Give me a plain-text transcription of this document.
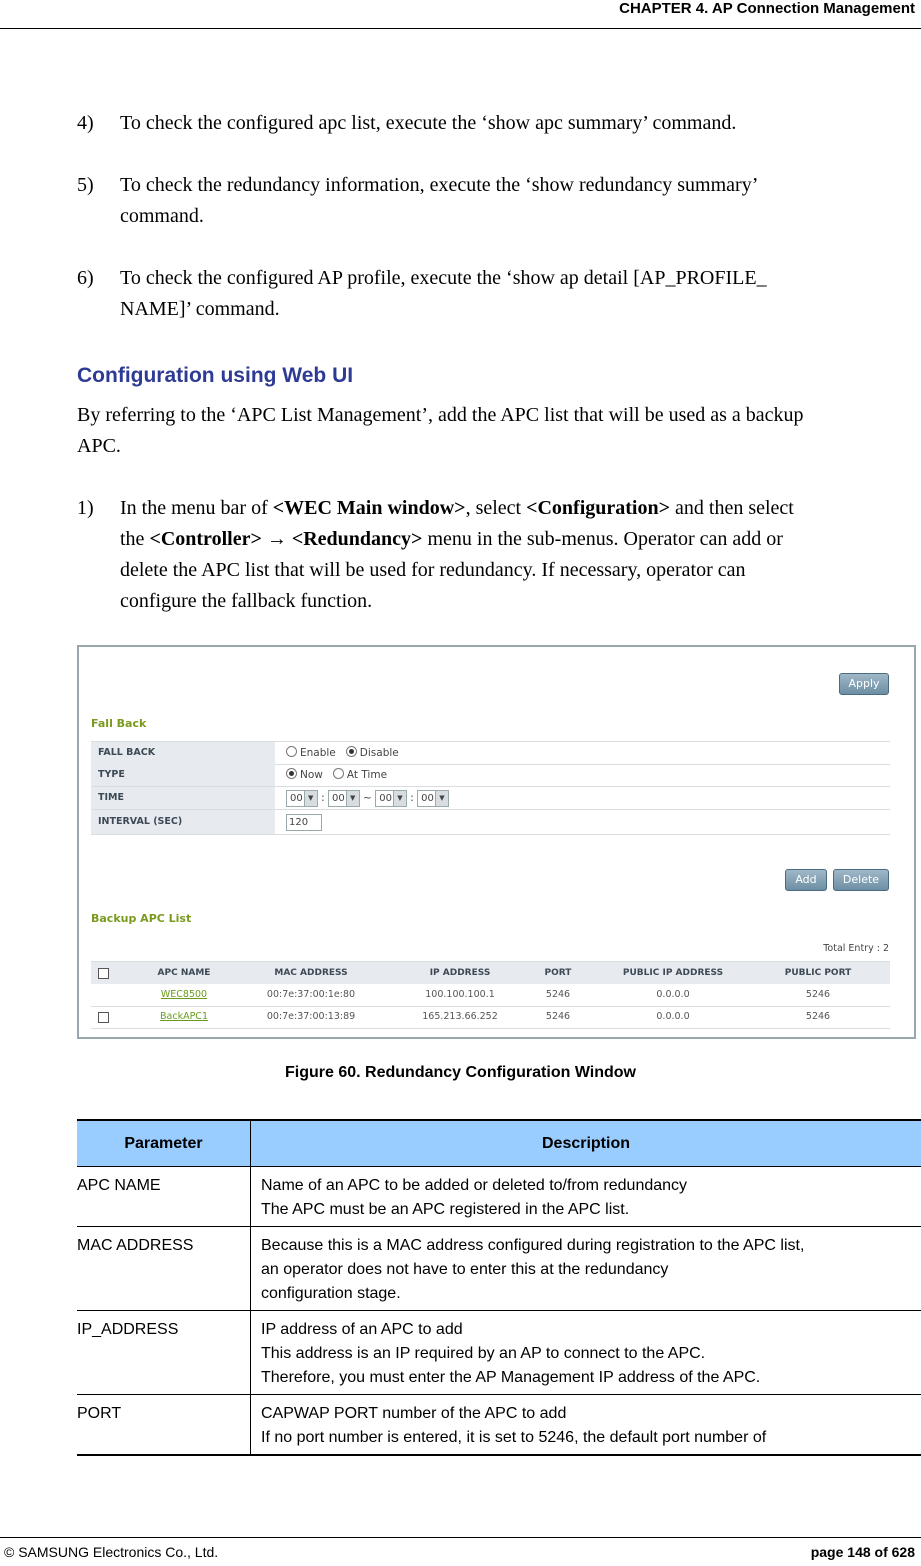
CHAPTER 4. AP Connection Management
4)	To check the configured apc list, execute the ‘show apc summary’ command.
5)	To check the redundancy information, execute the ‘show redundancy summary’
command.
6)	To check the configured AP profile, execute the ‘show ap detail [AP_PROFILE_
NAME]’ command.
Configuration using Web UI
By referring to the ‘APC List Management’, add the APC list that will be used as a backup
APC.
1)	In the menu bar of <WEC Main window>, select <Configuration> and then select
the <Controller> → <Redundancy> menu in the sub-menus. Operator can add or
delete the APC list that will be used for redundancy. If necessary, operator can
configure the fallback function.
Apply
Fall Back
FALL BACK	Enable Disable
TYPE	Now At Time
TIME	00 ▼ : 00 ▼ ~ 00 ▼ : 00 ▼
INTERVAL (SEC)	120
Add	Delete
Backup APC List
Total Entry : 2
APC NAME	MAC ADDRESS	IP ADDRESS	PORT	PUBLIC IP ADDRESS	PUBLIC PORT
WEC8500	00:7e:37:00:1e:80	100.100.100.1	5246	0.0.0.0	5246
BackAPC1	00:7e:37:00:13:89	165.213.66.252	5246	0.0.0.0	5246
Figure 60. Redundancy Configuration Window
Parameter	Description
APC NAME	Name of an APC to be added or deleted to/from redundancy
The APC must be an APC registered in the APC list.

MAC ADDRESS	Because this is a MAC address configured during registration to the APC list,
an operator does not have to enter this at the redundancy
configuration stage.

IP_ADDRESS	IP address of an APC to add
This address is an IP required by an AP to connect to the APC.
Therefore, you must enter the AP Management IP address of the APC.

PORT	CAPWAP PORT number of the APC to add
If no port number is entered, it is set to 5246, the default port number of
© SAMSUNG Electronics Co., Ltd.	page 148 of 628
